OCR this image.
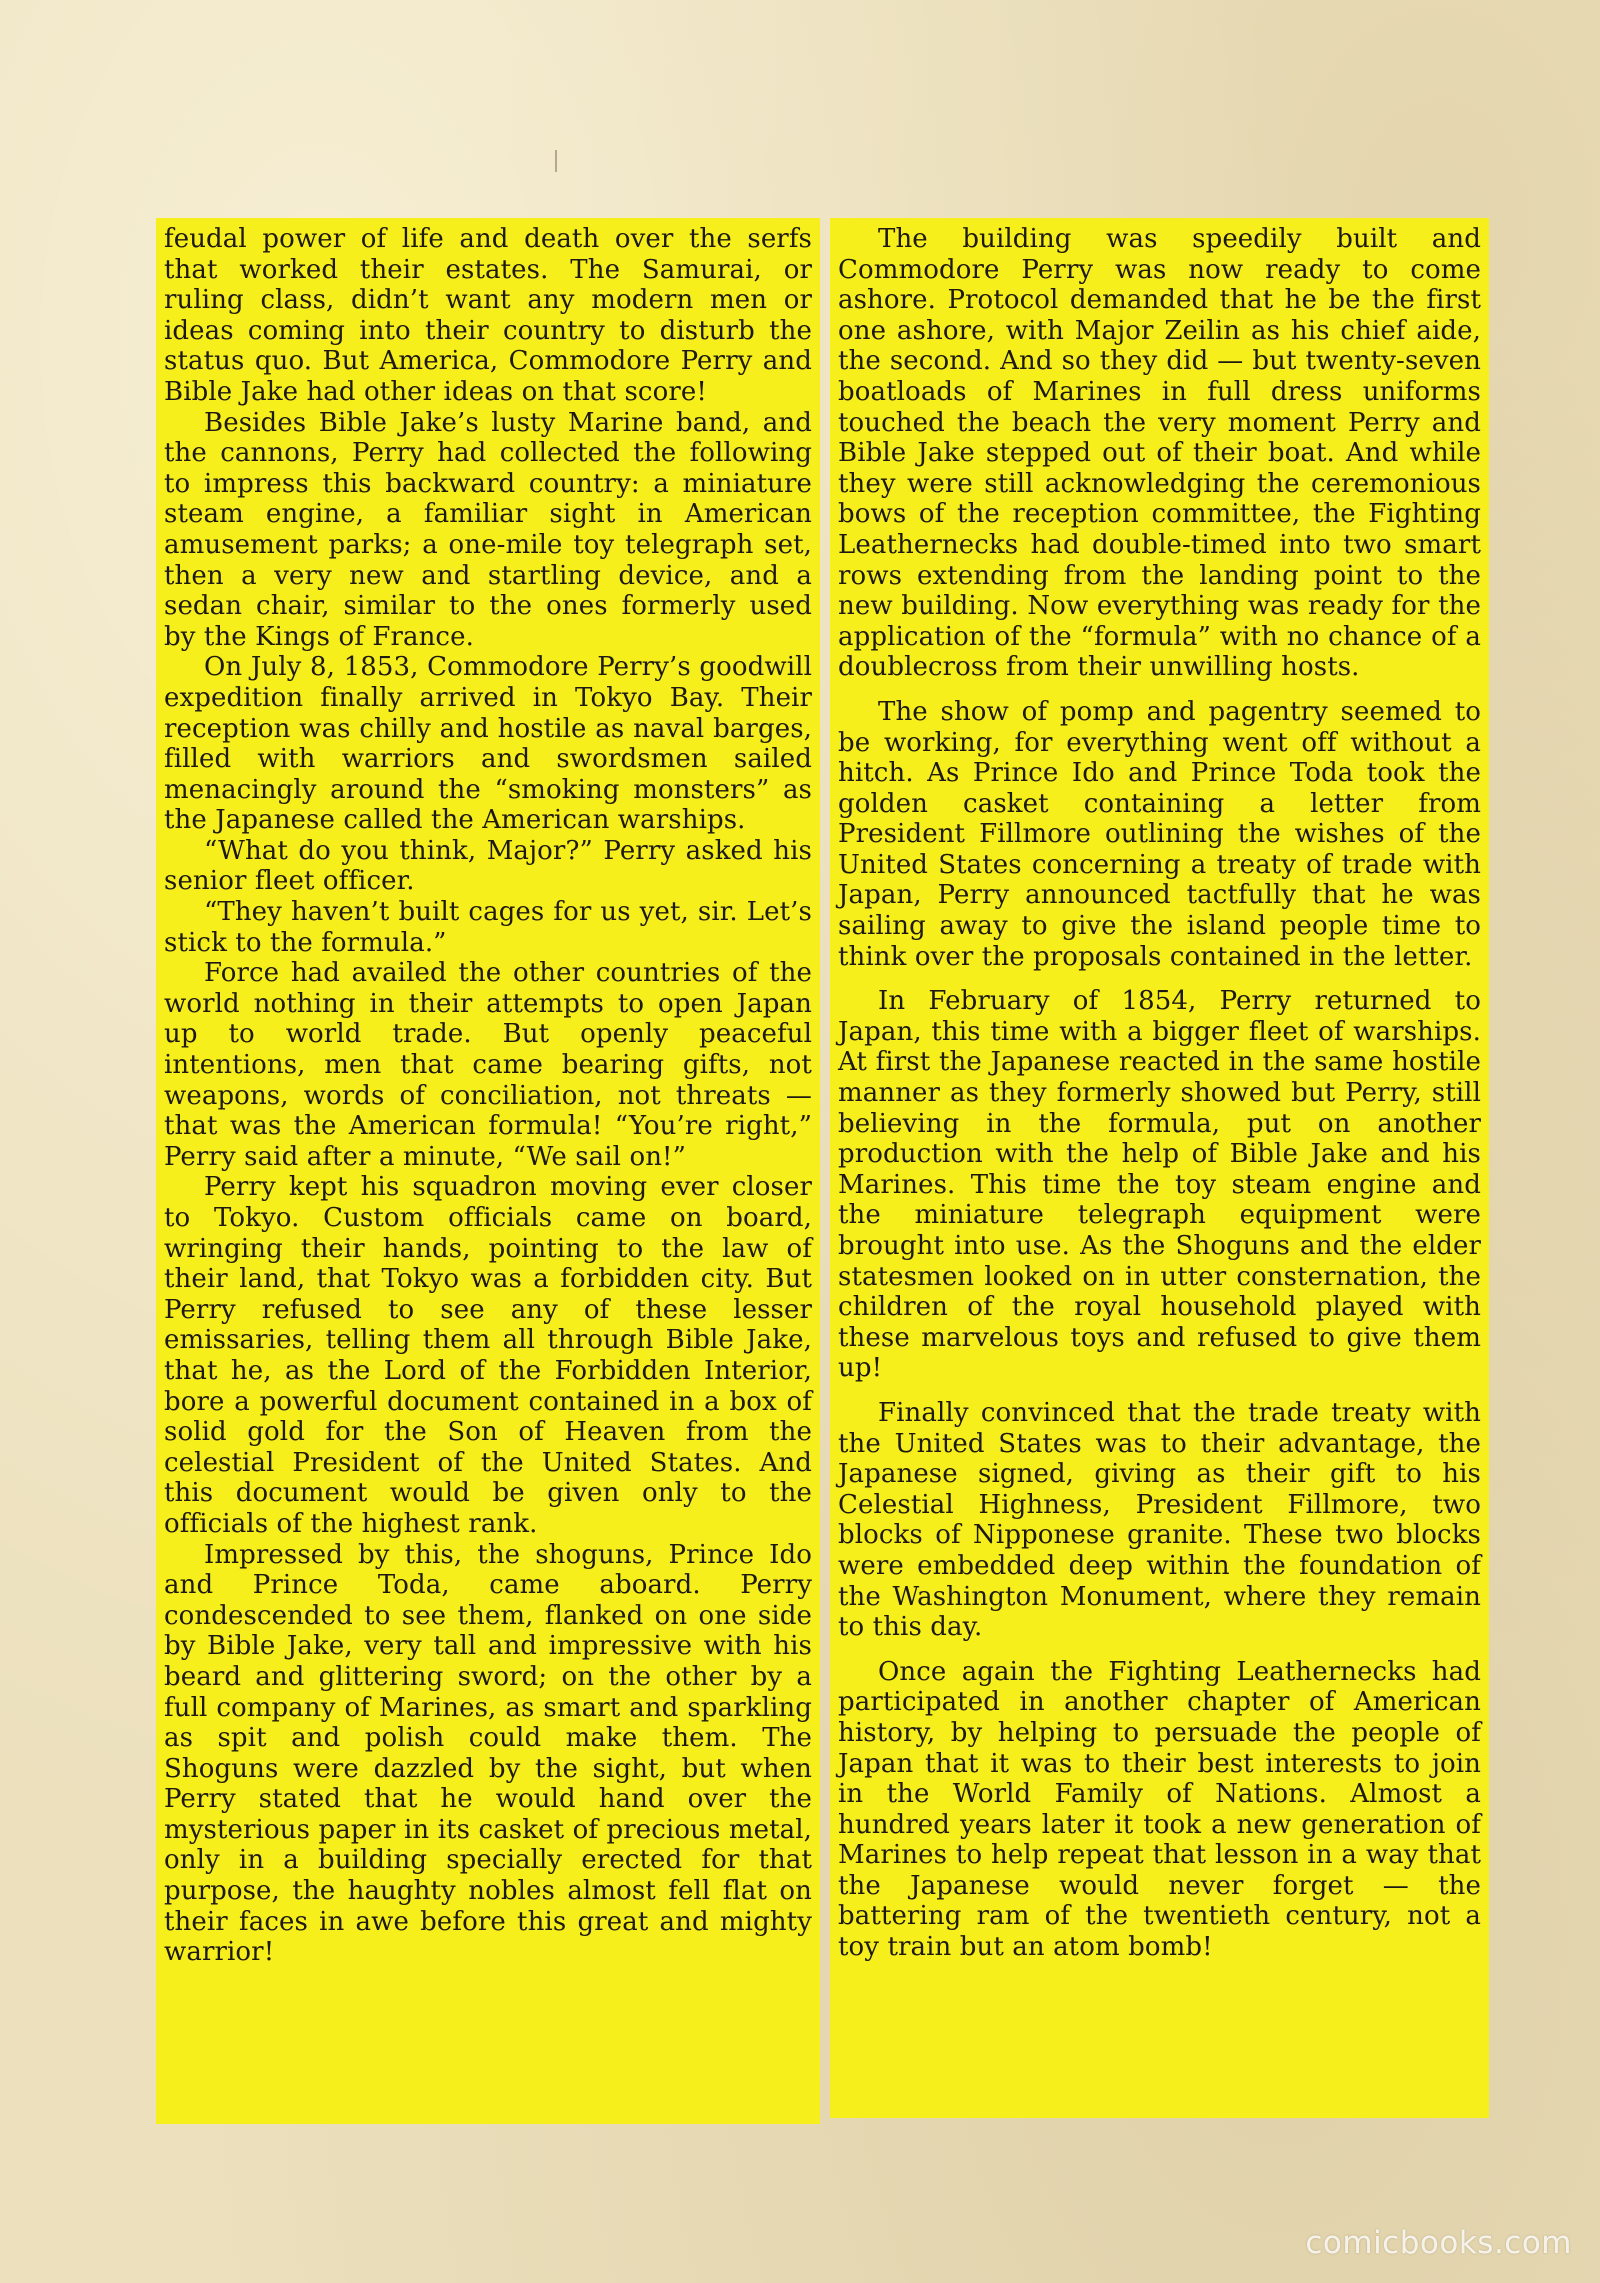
feudal power of life and death over the serfs that worked their estates. The Samurai, or ruling class, didn’t want any modern men or ideas coming into their country to disturb the status quo. But America, Commodore Perry and Bible Jake had other ideas on that score!

Besides Bible Jake’s lusty Marine band, and the cannons, Perry had collected the following to impress this backward country: a miniature steam engine, a familiar sight in American amusement parks; a one-mile toy telegraph set, then a very new and startling device, and a sedan chair, similar to the ones formerly used by the Kings of France.

On July 8, 1853, Commodore Perry’s goodwill expedition finally arrived in Tokyo Bay. Their reception was chilly and hostile as naval barges, filled with warriors and swordsmen sailed menacingly around the “smoking monsters” as the Japanese called the American warships.

“What do you think, Major?” Perry asked his senior fleet officer.

“They haven’t built cages for us yet, sir. Let’s stick to the formula.”

Force had availed the other countries of the world nothing in their attempts to open Japan up to world trade. But openly peaceful intentions, men that came bearing gifts, not weapons, words of conciliation, not threats — that was the American formula! “You’re right,” Perry said after a minute, “We sail on!”

Perry kept his squadron moving ever closer to Tokyo. Custom officials came on board, wringing their hands, pointing to the law of their land, that Tokyo was a forbidden city. But Perry refused to see any of these lesser emissaries, telling them all through Bible Jake, that he, as the Lord of the Forbidden Interior, bore a powerful document contained in a box of solid gold for the Son of Heaven from the celestial President of the United States. And this document would be given only to the officials of the highest rank.

Impressed by this, the shoguns, Prince Ido and Prince Toda, came aboard. Perry condescended to see them, flanked on one side by Bible Jake, very tall and impressive with his beard and glittering sword; on the other by a full company of Marines, as smart and sparkling as spit and polish could make them. The Shoguns were dazzled by the sight, but when Perry stated that he would hand over the mysterious paper in its casket of precious metal, only in a building specially erected for that purpose, the haughty nobles almost fell flat on their faces in awe before this great and mighty warrior!

The building was speedily built and Commodore Perry was now ready to come ashore. Protocol demanded that he be the first one ashore, with Major Zeilin as his chief aide, the second. And so they did — but twenty-seven boatloads of Marines in full dress uniforms touched the beach the very moment Perry and Bible Jake stepped out of their boat. And while they were still acknowledging the ceremonious bows of the reception committee, the Fighting Leathernecks had double-timed into two smart rows extending from the landing point to the new building. Now everything was ready for the application of the “formula” with no chance of a doublecross from their unwilling hosts.

The show of pomp and pagentry seemed to be working, for everything went off without a hitch. As Prince Ido and Prince Toda took the golden casket containing a letter from President Fillmore outlining the wishes of the United States concerning a treaty of trade with Japan, Perry announced tactfully that he was sailing away to give the island people time to think over the proposals contained in the letter.

In February of 1854, Perry returned to Japan, this time with a bigger fleet of warships. At first the Japanese reacted in the same hostile manner as they formerly showed but Perry, still believing in the formula, put on another production with the help of Bible Jake and his Marines. This time the toy steam engine and the miniature telegraph equipment were brought into use. As the Shoguns and the elder statesmen looked on in utter consternation, the children of the royal household played with these marvelous toys and refused to give them up!

Finally convinced that the trade treaty with the United States was to their advantage, the Japanese signed, giving as their gift to his Celestial Highness, President Fillmore, two blocks of Nipponese granite. These two blocks were embedded deep within the foundation of the Washington Monument, where they remain to this day.

Once again the Fighting Leathernecks had participated in another chapter of American history, by helping to persuade the people of Japan that it was to their best interests to join in the World Family of Nations. Almost a hundred years later it took a new generation of Marines to help repeat that lesson in a way that the Japanese would never forget — the battering ram of the twentieth century, not a toy train but an atom bomb!

comicbooks.com
